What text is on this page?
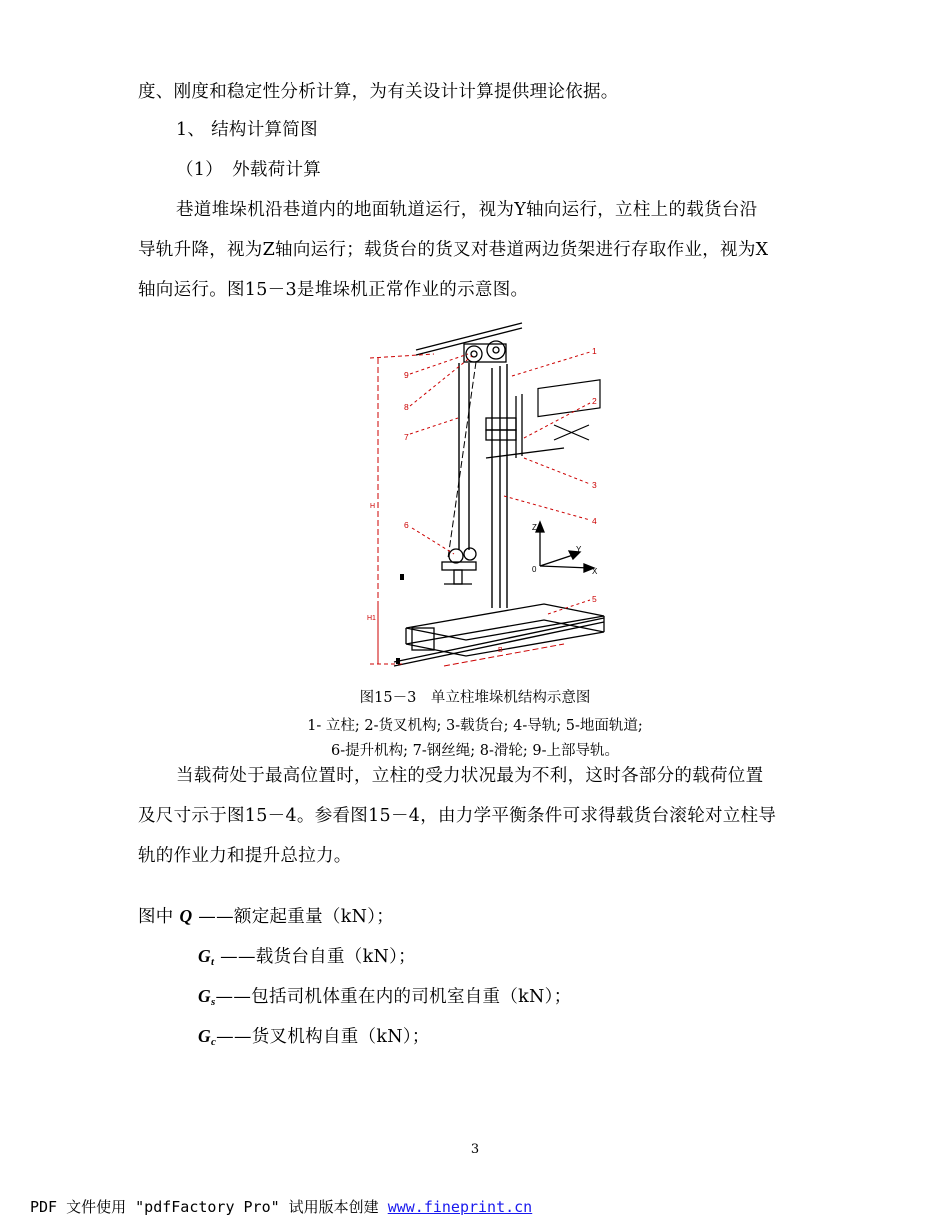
度、刚度和稳定性分析计算，为有关设计计算提供理论依据。
1、 结构计算简图
（1）　外载荷计算
巷道堆垛机沿巷道内的地面轨道运行，视为Y轴向运行，立柱上的载货台沿
导轨升降，视为Z轴向运行；载货台的货叉对巷道两边货架进行存取作业，视为X
轴向运行。图15－3是堆垛机正常作业的示意图。
1
2
3
4
5
6
7
8
9
Z
Y
X
0
H
H1
B
图15－3　单立柱堆垛机结构示意图
1- 立柱; 2-货叉机构; 3-载货台; 4-导轨; 5-地面轨道;
6-提升机构; 7-钢丝绳; 8-滑轮; 9-上部导轨。
当载荷处于最高位置时，立柱的受力状况最为不利，这时各部分的载荷位置
及尺寸示于图15－4。参看图15－4，由力学平衡条件可求得载货台滚轮对立柱导
轨的作业力和提升总拉力。
图中 Q ——额定起重量（kN）；
$G_t$ ——载货台自重（kN）；
$G_s——$包括司机体重在内的司机室自重（kN）；
$G_c——$货叉机构自重（kN）；
3
PDF 文件使用 "pdfFactory Pro" 试用版本创建 www.fineprint.cn
